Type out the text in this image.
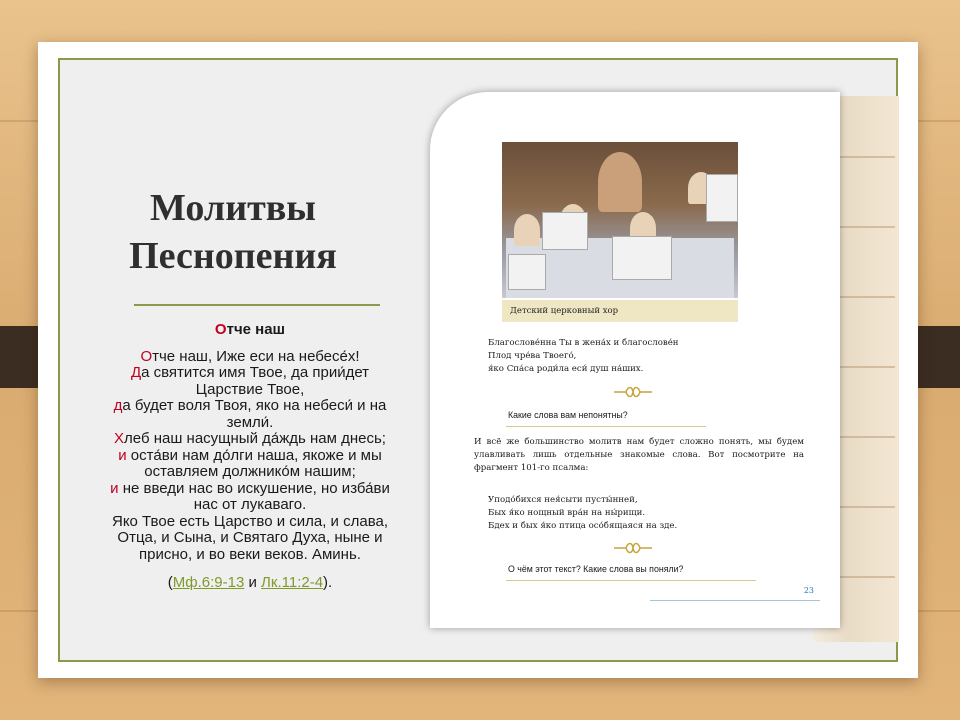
Молитвы
Песнопения
Отче наш
Отче наш, Иже еси на небесе́х!
Да святится имя Твое, да прии́дет Царствие Твое,
да будет воля Твоя, яко на небеси́ и на земли́.
Хлеб наш насущный да́ждь нам днесь;
и оста́ви нам до́лги наша, якоже и мы оставляем должнико́м нашим;
и не введи нас во искушение, но изба́ви нас от лукаваго.
Яко Твое есть Царство и сила, и слава, Отца, и Сына, и Святаго Духа, ныне и присно, и во веки веков. Аминь.
(Мф.6:9-13 и Лк.11:2-4).
Детский церковный хор
Благослове́нна Ты в жена́х и благослове́н
Плод чре́ва Твоего́,
я́ко Спа́са роди́ла еси́ душ на́ших.
Какие слова вам непонятны?
И всё же большинство молитв нам будет сложно понять, мы будем улавливать лишь отдельные знакомые слова. Вот посмотрите на фрагмент 101-го псалма:
Уподо́бихся нея́сыти пусты́нней,
Бых я́ко нощный вра́н на ны́рищи.
Бдех и бых я́ко птица осо́бящаяся на зде.
О чём этот текст? Какие слова вы поняли?
23
